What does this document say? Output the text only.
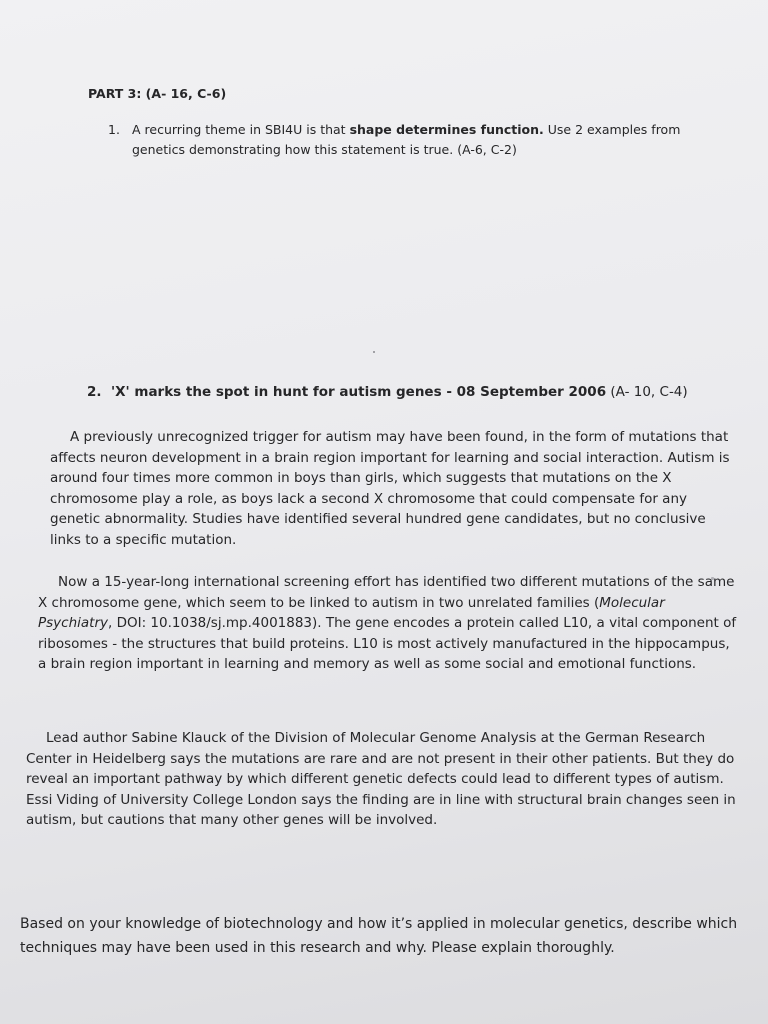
PART 3: (A- 16, C-6)

1. A recurring theme in SBI4U is that shape determines function. Use 2 examples from genetics demonstrating how this statement is true. (A-6, C-2)
2. 'X' marks the spot in hunt for autism genes - 08 September 2006 (A- 10, C-4)

A previously unrecognized trigger for autism may have been found, in the form of mutations that affects neuron development in a brain region important for learning and social interaction. Autism is around four times more common in boys than girls, which suggests that mutations on the X chromosome play a role, as boys lack a second X chromosome that could compensate for any genetic abnormality. Studies have identified several hundred gene candidates, but no conclusive links to a specific mutation.

Now a 15-year-long international screening effort has identified two different mutations of the same X chromosome gene, which seem to be linked to autism in two unrelated families (Molecular Psychiatry, DOI: 10.1038/sj.mp.4001883). The gene encodes a protein called L10, a vital component of ribosomes - the structures that build proteins. L10 is most actively manufactured in the hippocampus, a brain region important in learning and memory as well as some social and emotional functions.

Lead author Sabine Klauck of the Division of Molecular Genome Analysis at the German Research Center in Heidelberg says the mutations are rare and are not present in their other patients. But they do reveal an important pathway by which different genetic defects could lead to different types of autism. Essi Viding of University College London says the finding are in line with structural brain changes seen in autism, but cautions that many other genes will be involved.

Based on your knowledge of biotechnology and how it’s applied in molecular genetics, describe which techniques may have been used in this research and why. Please explain thoroughly.
